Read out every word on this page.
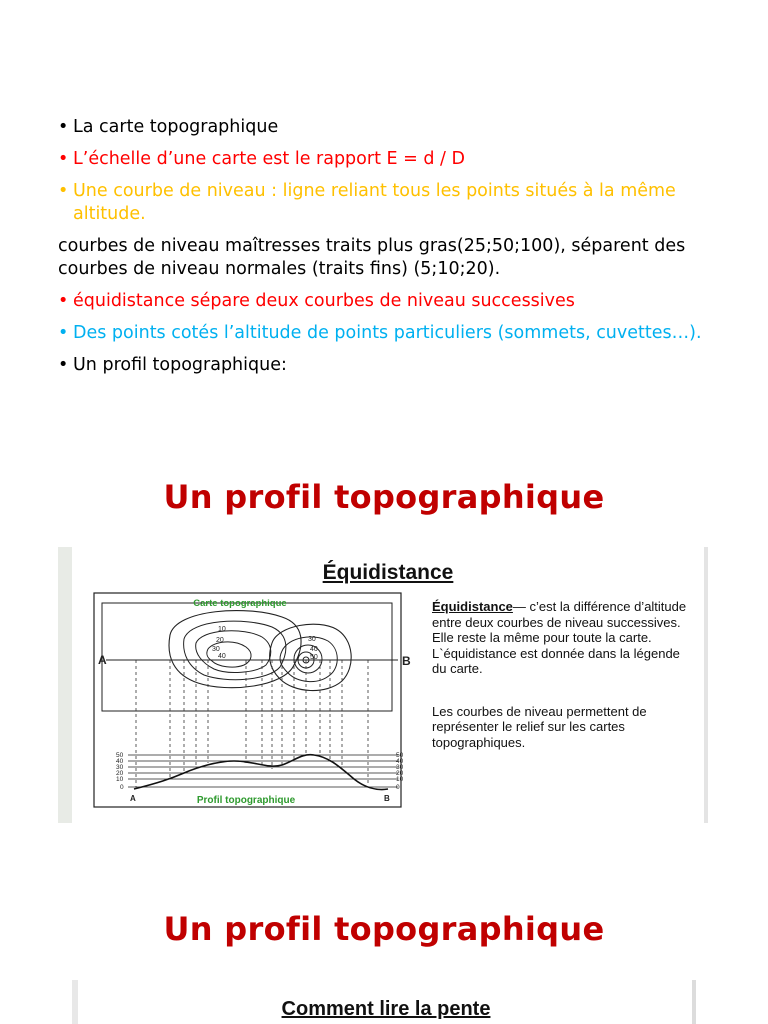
• La carte topographique
• L’échelle d’une carte est le rapport E = d / D
• Une courbe de niveau : ligne reliant tous les points situés à la même altitude.
courbes de niveau maîtresses traits plus gras(25;50;100), séparent des courbes de niveau normales (traits fins) (5;10;20).
• équidistance sépare deux courbes de niveau successives
• Des points cotés l’altitude de points particuliers (sommets, cuvettes…).
• Un profil topographique:
Un profil topographique
Équidistance
Carte topographique
10
20
30
40
30
40
50
A	B
50
40
30
20
10
0
50
40
30
20
10
0
A	B
Profil topographique

Équidistance— c’est la différence d’altitude entre deux courbes de niveau successives. Elle reste la même pour toute la carte. L`équidistance est donnée dans la légende du carte.

Les courbes de niveau permettent de représenter le relief sur les cartes topographiques.

Un profil topographique
Comment lire la pente
